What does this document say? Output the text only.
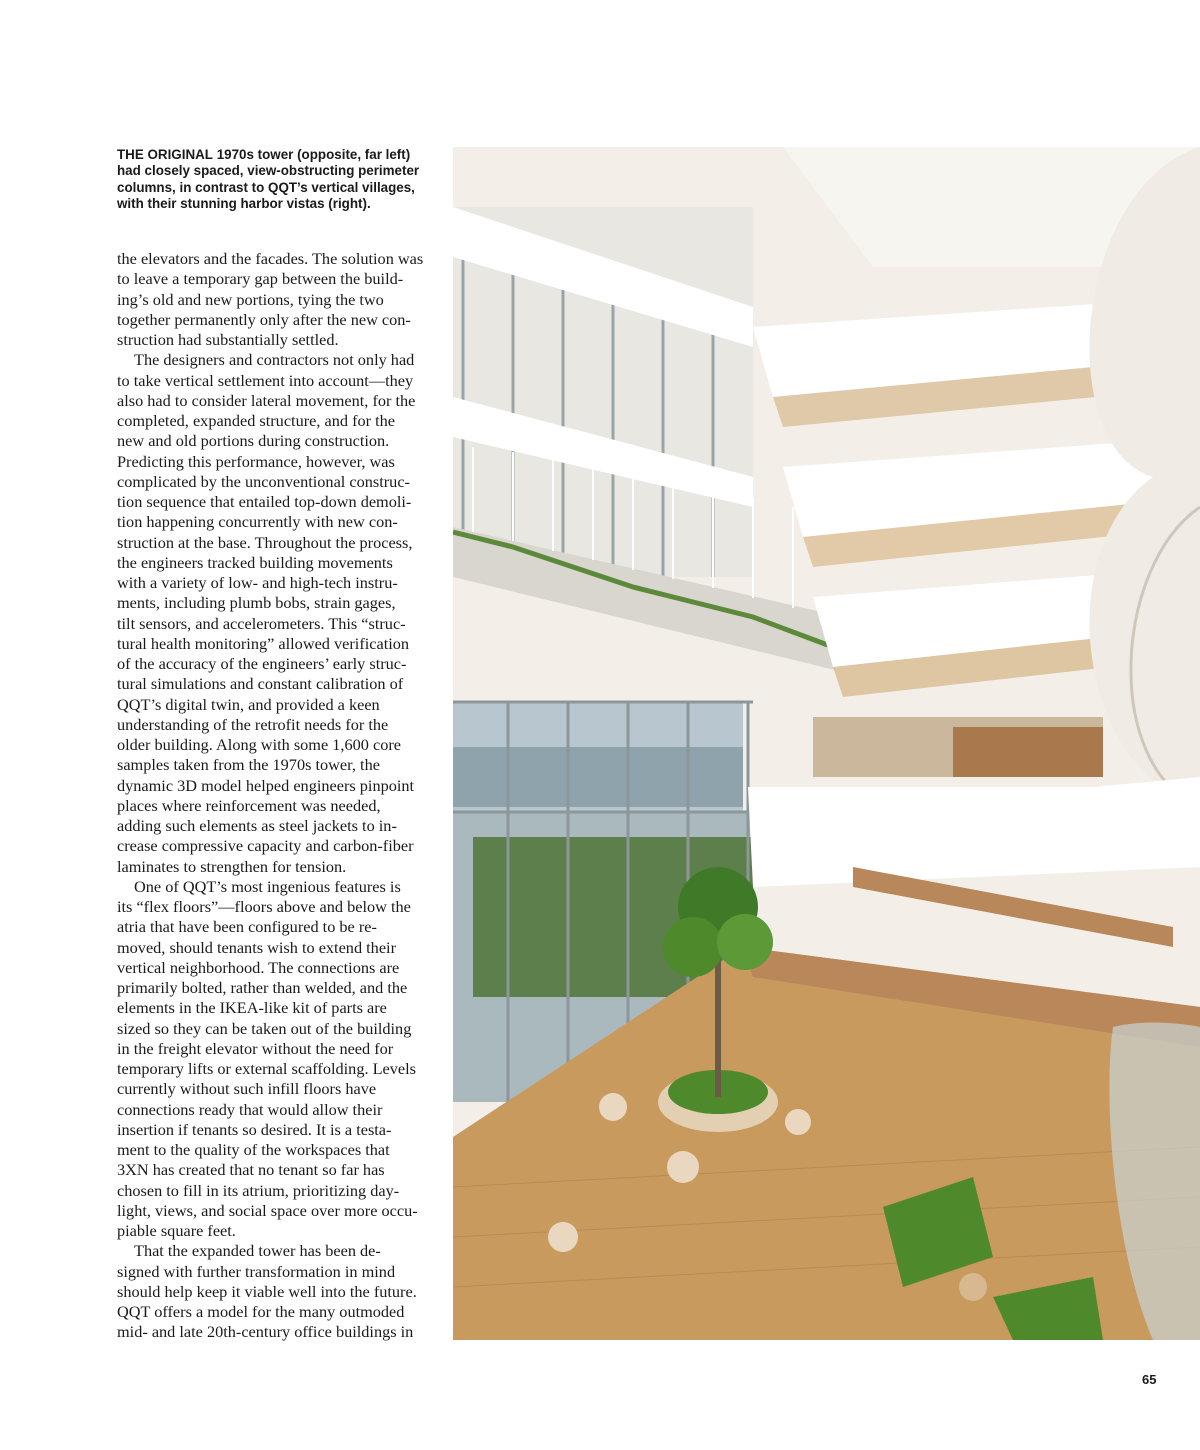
THE ORIGINAL 1970s tower (opposite, far left)
had closely spaced, view-obstructing perimeter
columns, in contrast to QQT’s vertical villages,
with their stunning harbor vistas (right).

the elevators and the facades. The solution was
to leave a temporary gap between the build-
ing’s old and new portions, tying the two
together permanently only after the new con-
struction had substantially settled.
The designers and contractors not only had
to take vertical settlement into account—they
also had to consider lateral movement, for the
completed, expanded structure, and for the
new and old portions during construction.
Predicting this performance, however, was
complicated by the unconventional construc-
tion sequence that entailed top-down demoli-
tion happening concurrently with new con-
struction at the base. Throughout the process,
the engineers tracked building movements
with a variety of low- and high-tech instru-
ments, including plumb bobs, strain gages,
tilt sensors, and accelerometers. This “struc-
tural health monitoring” allowed verification
of the accuracy of the engineers’ early struc-
tural simulations and constant calibration of
QQT’s digital twin, and provided a keen
understanding of the retrofit needs for the
older building. Along with some 1,600 core
samples taken from the 1970s tower, the
dynamic 3D model helped engineers pinpoint
places where reinforcement was needed,
adding such elements as steel jackets to in-
crease compressive capacity and carbon-fiber
laminates to strengthen for tension.
One of QQT’s most ingenious features is
its “flex floors”—floors above and below the
atria that have been configured to be re-
moved, should tenants wish to extend their
vertical neighborhood. The connections are
primarily bolted, rather than welded, and the
elements in the IKEA-like kit of parts are
sized so they can be taken out of the building
in the freight elevator without the need for
temporary lifts or external scaffolding. Levels
currently without such infill floors have
connections ready that would allow their
insertion if tenants so desired. It is a testa-
ment to the quality of the workspaces that
3XN has created that no tenant so far has
chosen to fill in its atrium, prioritizing day-
light, views, and social space over more occu-
piable square feet.
That the expanded tower has been de-
signed with further transformation in mind
should help keep it viable well into the future.
QQT offers a model for the many outmoded
mid- and late 20th-century office buildings in
65
